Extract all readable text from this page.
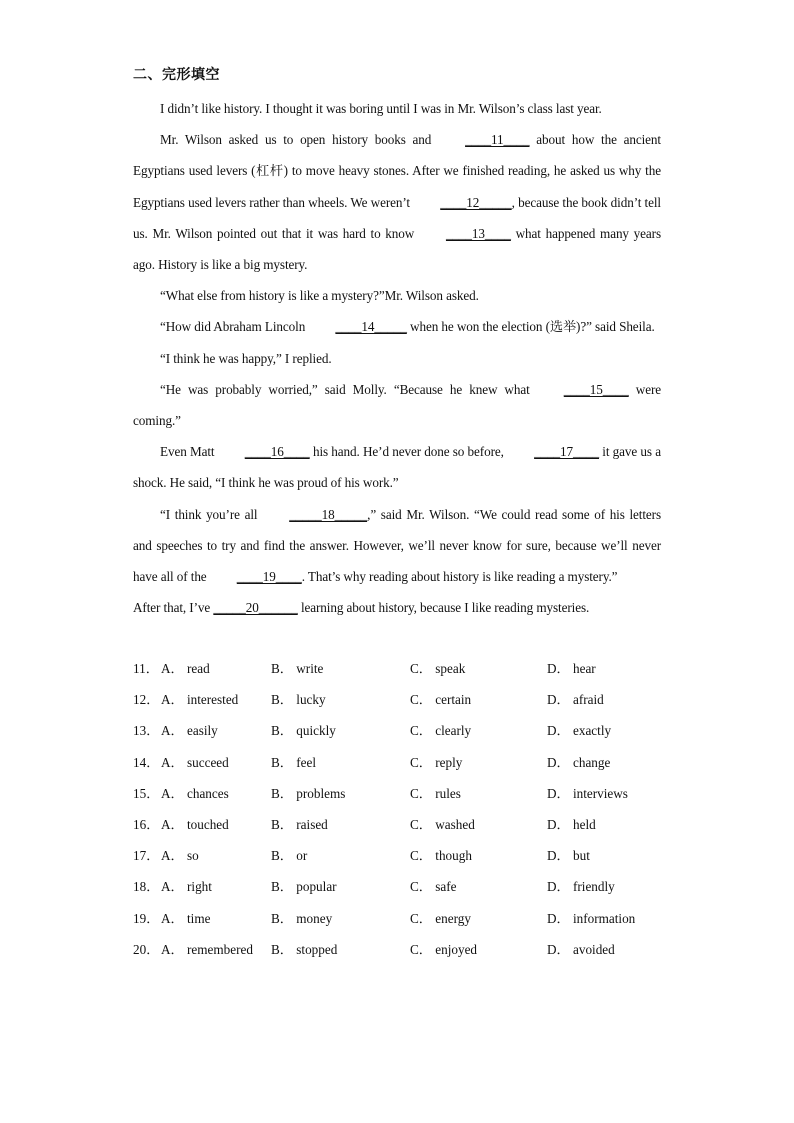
二、完形填空

I didn’t like history. I thought it was boring until I was in Mr. Wilson’s class last year.

Mr. Wilson asked us to open history books and ____11____ about how the ancient Egyptians used levers (杠杆) to move heavy stones. After we finished reading, he asked us why the Egyptians used levers rather than wheels. We weren’t ____12_____, because the book didn’t tell us. Mr. Wilson pointed out that it was hard to know ____13____ what happened many years ago. History is like a big mystery.

“What else from history is like a mystery?”Mr. Wilson asked.

“How did Abraham Lincoln ____14_____ when he won the election (选举)?” said Sheila.

“I think he was happy,” I replied.

“He was probably worried,” said Molly. “Because he knew what ____15____ were coming.”

Even Matt ____16____ his hand. He’d never done so before, ____17____ it gave us a shock. He said, “I think he was proud of his work.”

“I think you’re all _____18_____,” said Mr. Wilson. “We could read some of his letters and speeches to try and find the answer. However, we’ll never know for sure, because we’ll never have all of the ____19____. That’s why reading about history is like reading a mystery.”

After that, I’ve _____20______ learning about history, because I like reading mysteries.

11． A． read	B． write	C． speak	D． hear
12． A． interested B． lucky	C． certain	D． afraid
13． A． easily	B． quickly	C． clearly	D． exactly
14． A． succeed	B． feel	C． reply	D． change
15． A． chances	B． problems	C． rules	D． interviews
16． A． touched	B． raised	C． washed	D． held
17． A． so	B． or	C． though	D． but
18． A． right	B． popular	C． safe	D． friendly
19． A． time	B． money	C． energy	D． information
20． A． remembered B． stopped	C． enjoyed	D． avoided
